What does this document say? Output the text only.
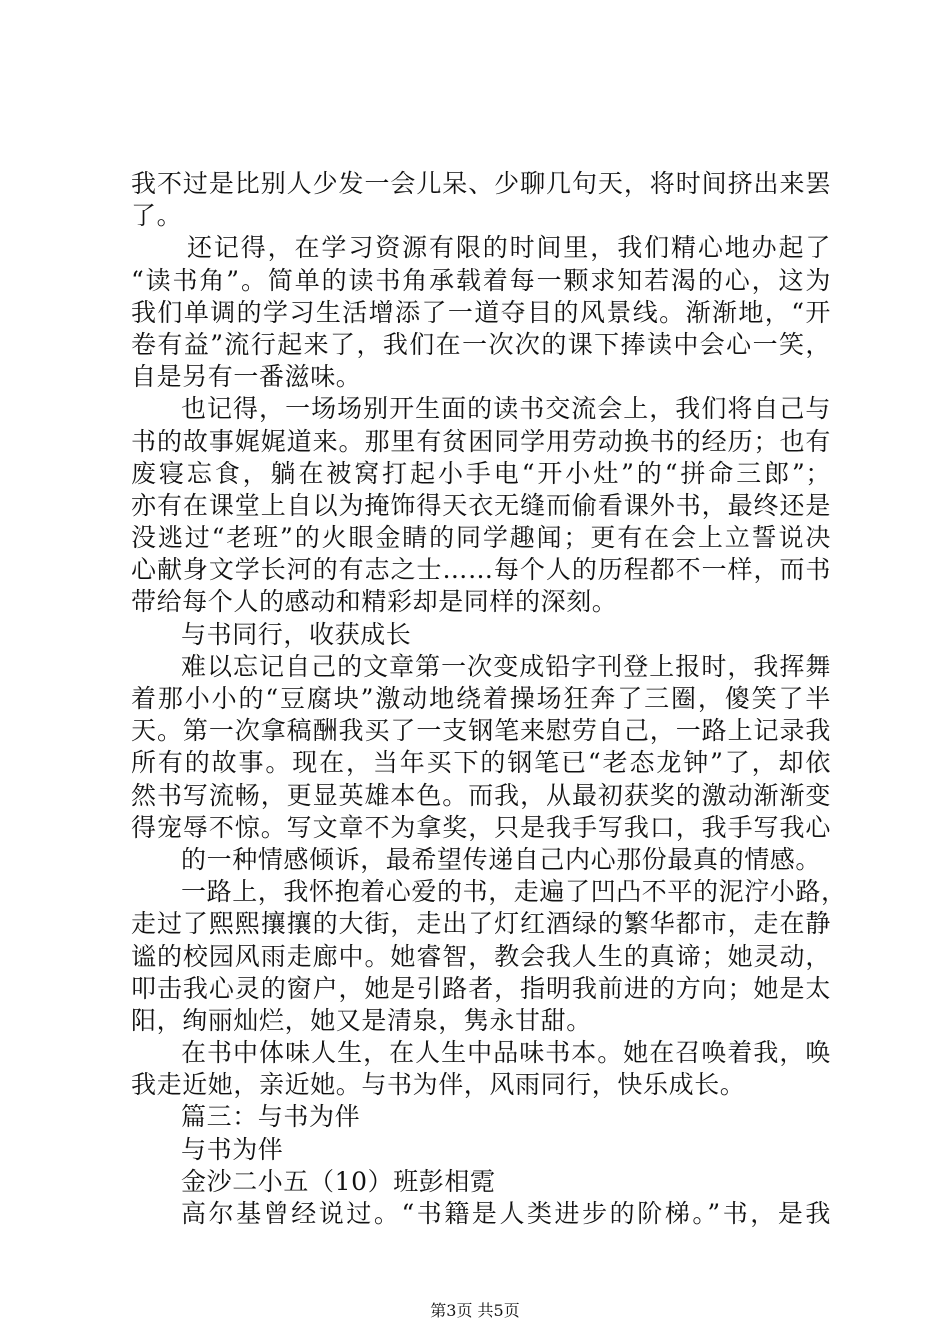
我不过是比别人少发一会儿呆、少聊几句天，将时间挤出来罢
了。
还记得，在学习资源有限的时间里，我们精心地办起了
“读书角”。简单的读书角承载着每一颗求知若渴的心，这为
我们单调的学习生活增添了一道夺目的风景线。渐渐地，“开
卷有益”流行起来了，我们在一次次的课下捧读中会心一笑，
自是另有一番滋味。
也记得，一场场别开生面的读书交流会上，我们将自己与
书的故事娓娓道来。那里有贫困同学用劳动换书的经历；也有
废寝忘食，躺在被窝打起小手电“开小灶”的“拼命三郎”；
亦有在课堂上自以为掩饰得天衣无缝而偷看课外书，最终还是
没逃过“老班”的火眼金睛的同学趣闻；更有在会上立誓说决
心献身文学长河的有志之士……每个人的历程都不一样，而书
带给每个人的感动和精彩却是同样的深刻。
与书同行，收获成长
难以忘记自己的文章第一次变成铅字刊登上报时，我挥舞
着那小小的“豆腐块”激动地绕着操场狂奔了三圈，傻笑了半
天。第一次拿稿酬我买了一支钢笔来慰劳自己，一路上记录我
所有的故事。现在，当年买下的钢笔已“老态龙钟”了，却依
然书写流畅，更显英雄本色。而我，从最初获奖的激动渐渐变
得宠辱不惊。写文章不为拿奖，只是我手写我口，我手写我心
的一种情感倾诉，最希望传递自己内心那份最真的情感。
一路上，我怀抱着心爱的书，走遍了凹凸不平的泥泞小路，
走过了熙熙攘攘的大街，走出了灯红酒绿的繁华都市，走在静
谧的校园风雨走廊中。她睿智，教会我人生的真谛；她灵动，
叩击我心灵的窗户，她是引路者，指明我前进的方向；她是太
阳，绚丽灿烂，她又是清泉，隽永甘甜。
在书中体味人生，在人生中品味书本。她在召唤着我，唤
我走近她，亲近她。与书为伴，风雨同行，快乐成长。
篇三：与书为伴
与书为伴
金沙二小五（10）班彭相霓
高尔基曾经说过。“书籍是人类进步的阶梯。”书，是我
第3页 共5页
